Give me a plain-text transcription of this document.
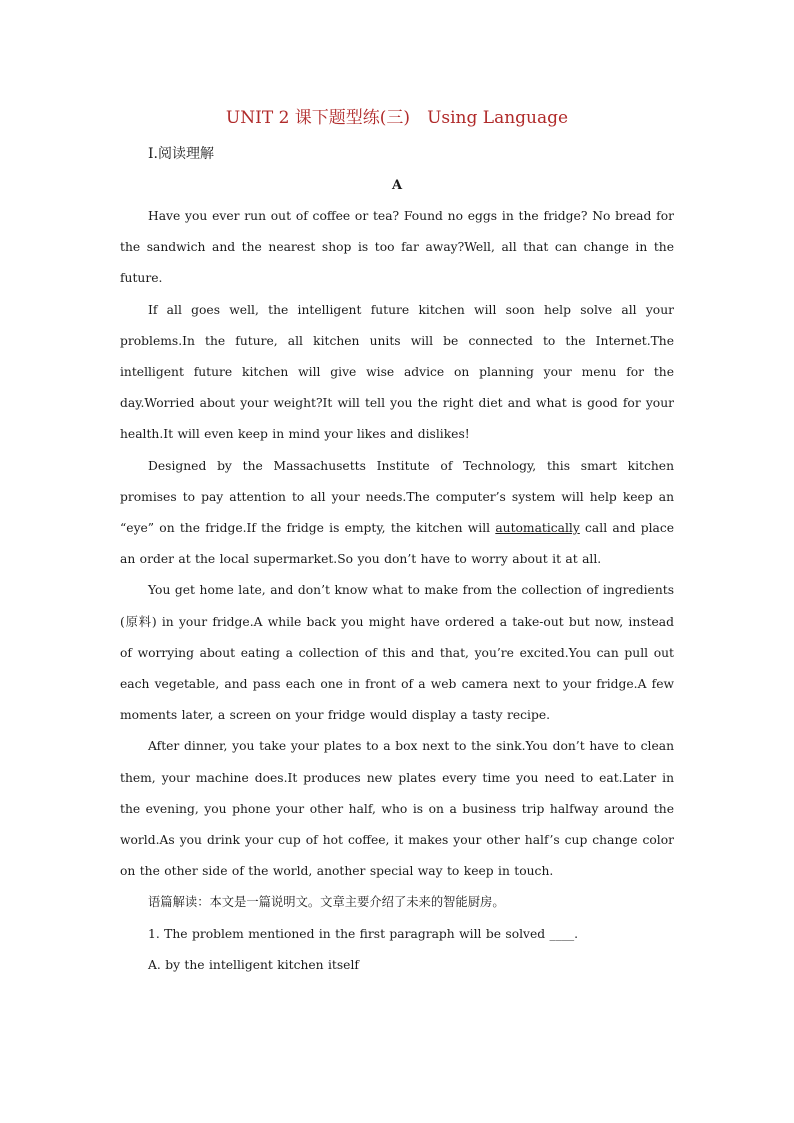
UNIT 2 课下题型练(三)　Using Language

Ⅰ.阅读理解

A

Have you ever run out of coffee or tea? Found no eggs in the fridge? No bread for the sandwich and the nearest shop is too far away?Well, all that can change in the future.

If all goes well, the intelligent future kitchen will soon help solve all your problems.In the future, all kitchen units will be connected to the Internet.The intelligent future kitchen will give wise advice on planning your menu for the day.Worried about your weight?It will tell you the right diet and what is good for your health.It will even keep in mind your likes and dislikes!

Designed by the Massachusetts Institute of Technology, this smart kitchen promises to pay attention to all your needs.The computer’s system will help keep an “eye” on the fridge.If the fridge is empty, the kitchen will automatically call and place an order at the local supermarket.So you don’t have to worry about it at all.

You get home late, and don’t know what to make from the collection of ingredients (原料) in your fridge.A while back you might have ordered a take-out but now, instead of worrying about eating a collection of this and that, you’re excited.You can pull out each vegetable, and pass each one in front of a web camera next to your fridge.A few moments later, a screen on your fridge would display a tasty recipe.

After dinner, you take your plates to a box next to the sink.You don’t have to clean them, your machine does.It produces new plates every time you need to eat.Later in the evening, you phone your other half, who is on a business trip halfway around the world.As you drink your cup of hot coffee, it makes your other half’s cup change color on the other side of the world, another special way to keep in touch.

语篇解读：本文是一篇说明文。文章主要介绍了未来的智能厨房。

1. The problem mentioned in the first paragraph will be solved ____.

A. by the intelligent kitchen itself
